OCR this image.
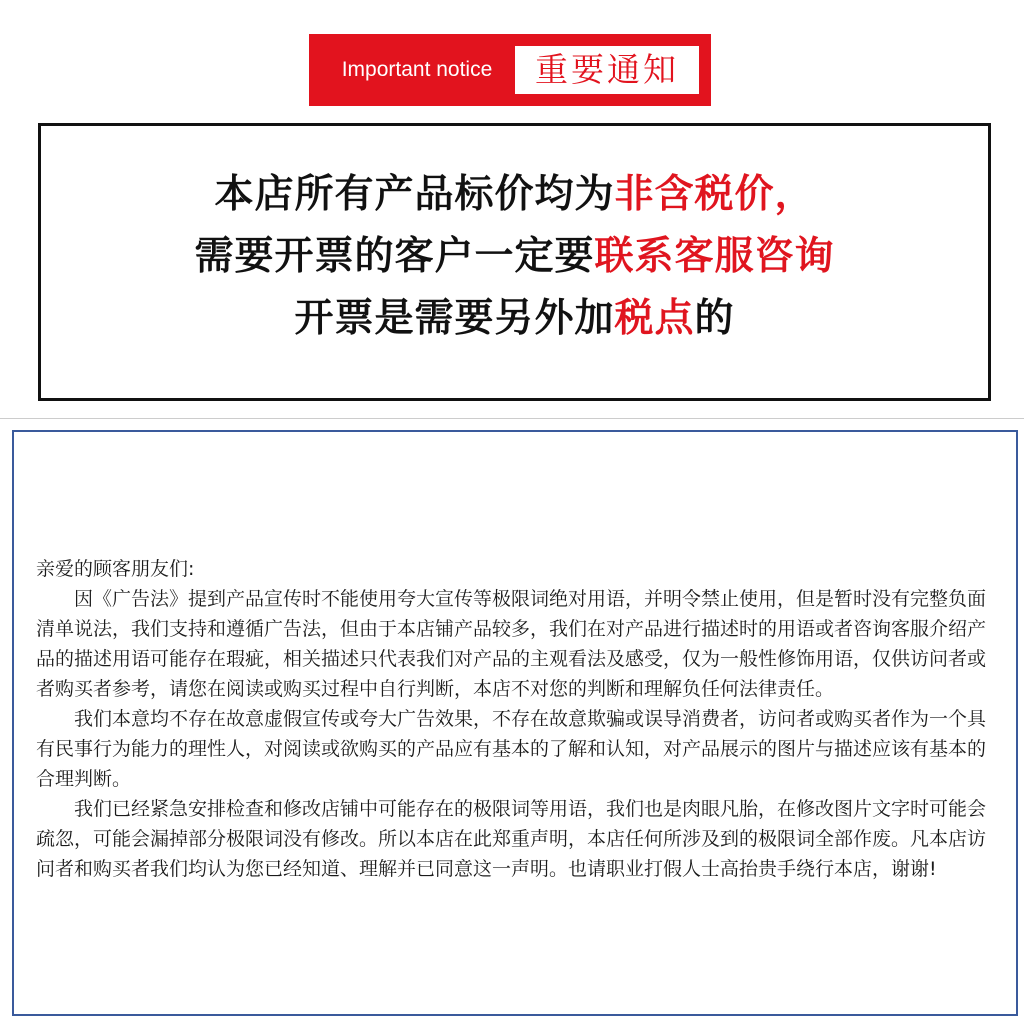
Important notice	重要通知
本店所有产品标价均为非含税价，
需要开票的客户一定要联系客服咨询
开票是需要另外加税点的

亲爱的顾客朋友们:

因《广告法》提到产品宣传时不能使用夸大宣传等极限词绝对用语，并明令禁止使用，但是暂时没有完整负面清单说法，我们支持和遵循广告法，但由于本店铺产品较多，我们在对产品进行描述时的用语或者咨询客服介绍产品的描述用语可能存在瑕疵，相关描述只代表我们对产品的主观看法及感受，仅为一般性修饰用语，仅供访问者或者购买者参考，请您在阅读或购买过程中自行判断，本店不对您的判断和理解负任何法律责任。

我们本意均不存在故意虚假宣传或夸大广告效果，不存在故意欺骗或误导消费者，访问者或购买者作为一个具有民事行为能力的理性人，对阅读或欲购买的产品应有基本的了解和认知，对产品展示的图片与描述应该有基本的合理判断。

我们已经紧急安排检查和修改店铺中可能存在的极限词等用语，我们也是肉眼凡胎，在修改图片文字时可能会疏忽，可能会漏掉部分极限词没有修改。所以本店在此郑重声明，本店任何所涉及到的极限词全部作废。凡本店访问者和购买者我们均认为您已经知道、理解并已同意这一声明。也请职业打假人士高抬贵手绕行本店，谢谢!
